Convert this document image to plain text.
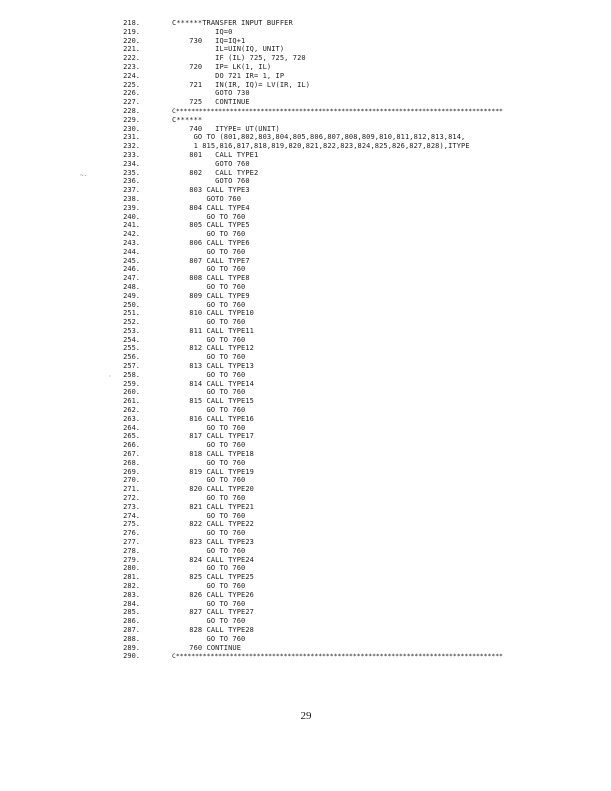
~-
·
218.	C******TRANSFER INPUT BUFFER
219.	IQ=0
220.	730   IQ=IQ+1
221.	IL=UIN(IQ, UNIT)
222.	IF (IL) 725, 725, 720
223.	720   IP= LK(1, IL)
224.	DO 721 IR= 1, IP
225.	721   IN(IR, IQ)= LV(IR, IL)
226.	GOTO 730
227.	725   CONTINUE
228.	C*************************************************************************************
229.	C******
230.	740   ITYPE= UT(UNIT)
231.	GO TO (801,802,803,804,805,806,807,808,809,810,811,812,813,814,
232.	1 815,816,817,818,819,820,821,822,823,824,825,826,827,828),ITYPE
233.	801   CALL TYPE1
234.	GOTO 760
235.	802   CALL TYPE2
236.	GOTO 760
237.	803 CALL TYPE3
238.	GOTO 760
239.	804 CALL TYPE4
240.	GO TO 760
241.	805 CALL TYPE5
242.	GO TO 760
243.	806 CALL TYPE6
244.	GO TO 760
245.	807 CALL TYPE7
246.	GO TO 760
247.	808 CALL TYPE8
248.	GO TO 760
249.	809 CALL TYPE9
250.	GO TO 760
251.	810 CALL TYPE10
252.	GO TO 760
253.	811 CALL TYPE11
254.	GO TO 760
255.	812 CALL TYPE12
256.	GO TO 760
257.	813 CALL TYPE13
258.	GO TO 760
259.	814 CALL TYPE14
260.	GO TO 760
261.	815 CALL TYPE15
262.	GO TO 760
263.	816 CALL TYPE16
264.	GO TO 760
265.	817 CALL TYPE17
266.	GO TO 760
267.	818 CALL TYPE18
268.	GO TO 760
269.	819 CALL TYPE19
270.	GO TO 760
271.	820 CALL TYPE20
272.	GO TO 760
273.	821 CALL TYPE21
274.	GO TO 760
275.	822 CALL TYPE22
276.	GO TO 760
277.	823 CALL TYPE23
278.	GO TO 760
279.	824 CALL TYPE24
280.	GO TO 760
281.	825 CALL TYPE25
282.	GO TO 760
283.	826 CALL TYPE26
284.	GO TO 760
285.	827 CALL TYPE27
286.	GO TO 760
287.	828 CALL TYPE28
288.	GO TO 760
289.	760 CONTINUE
290.	C*************************************************************************************
29
